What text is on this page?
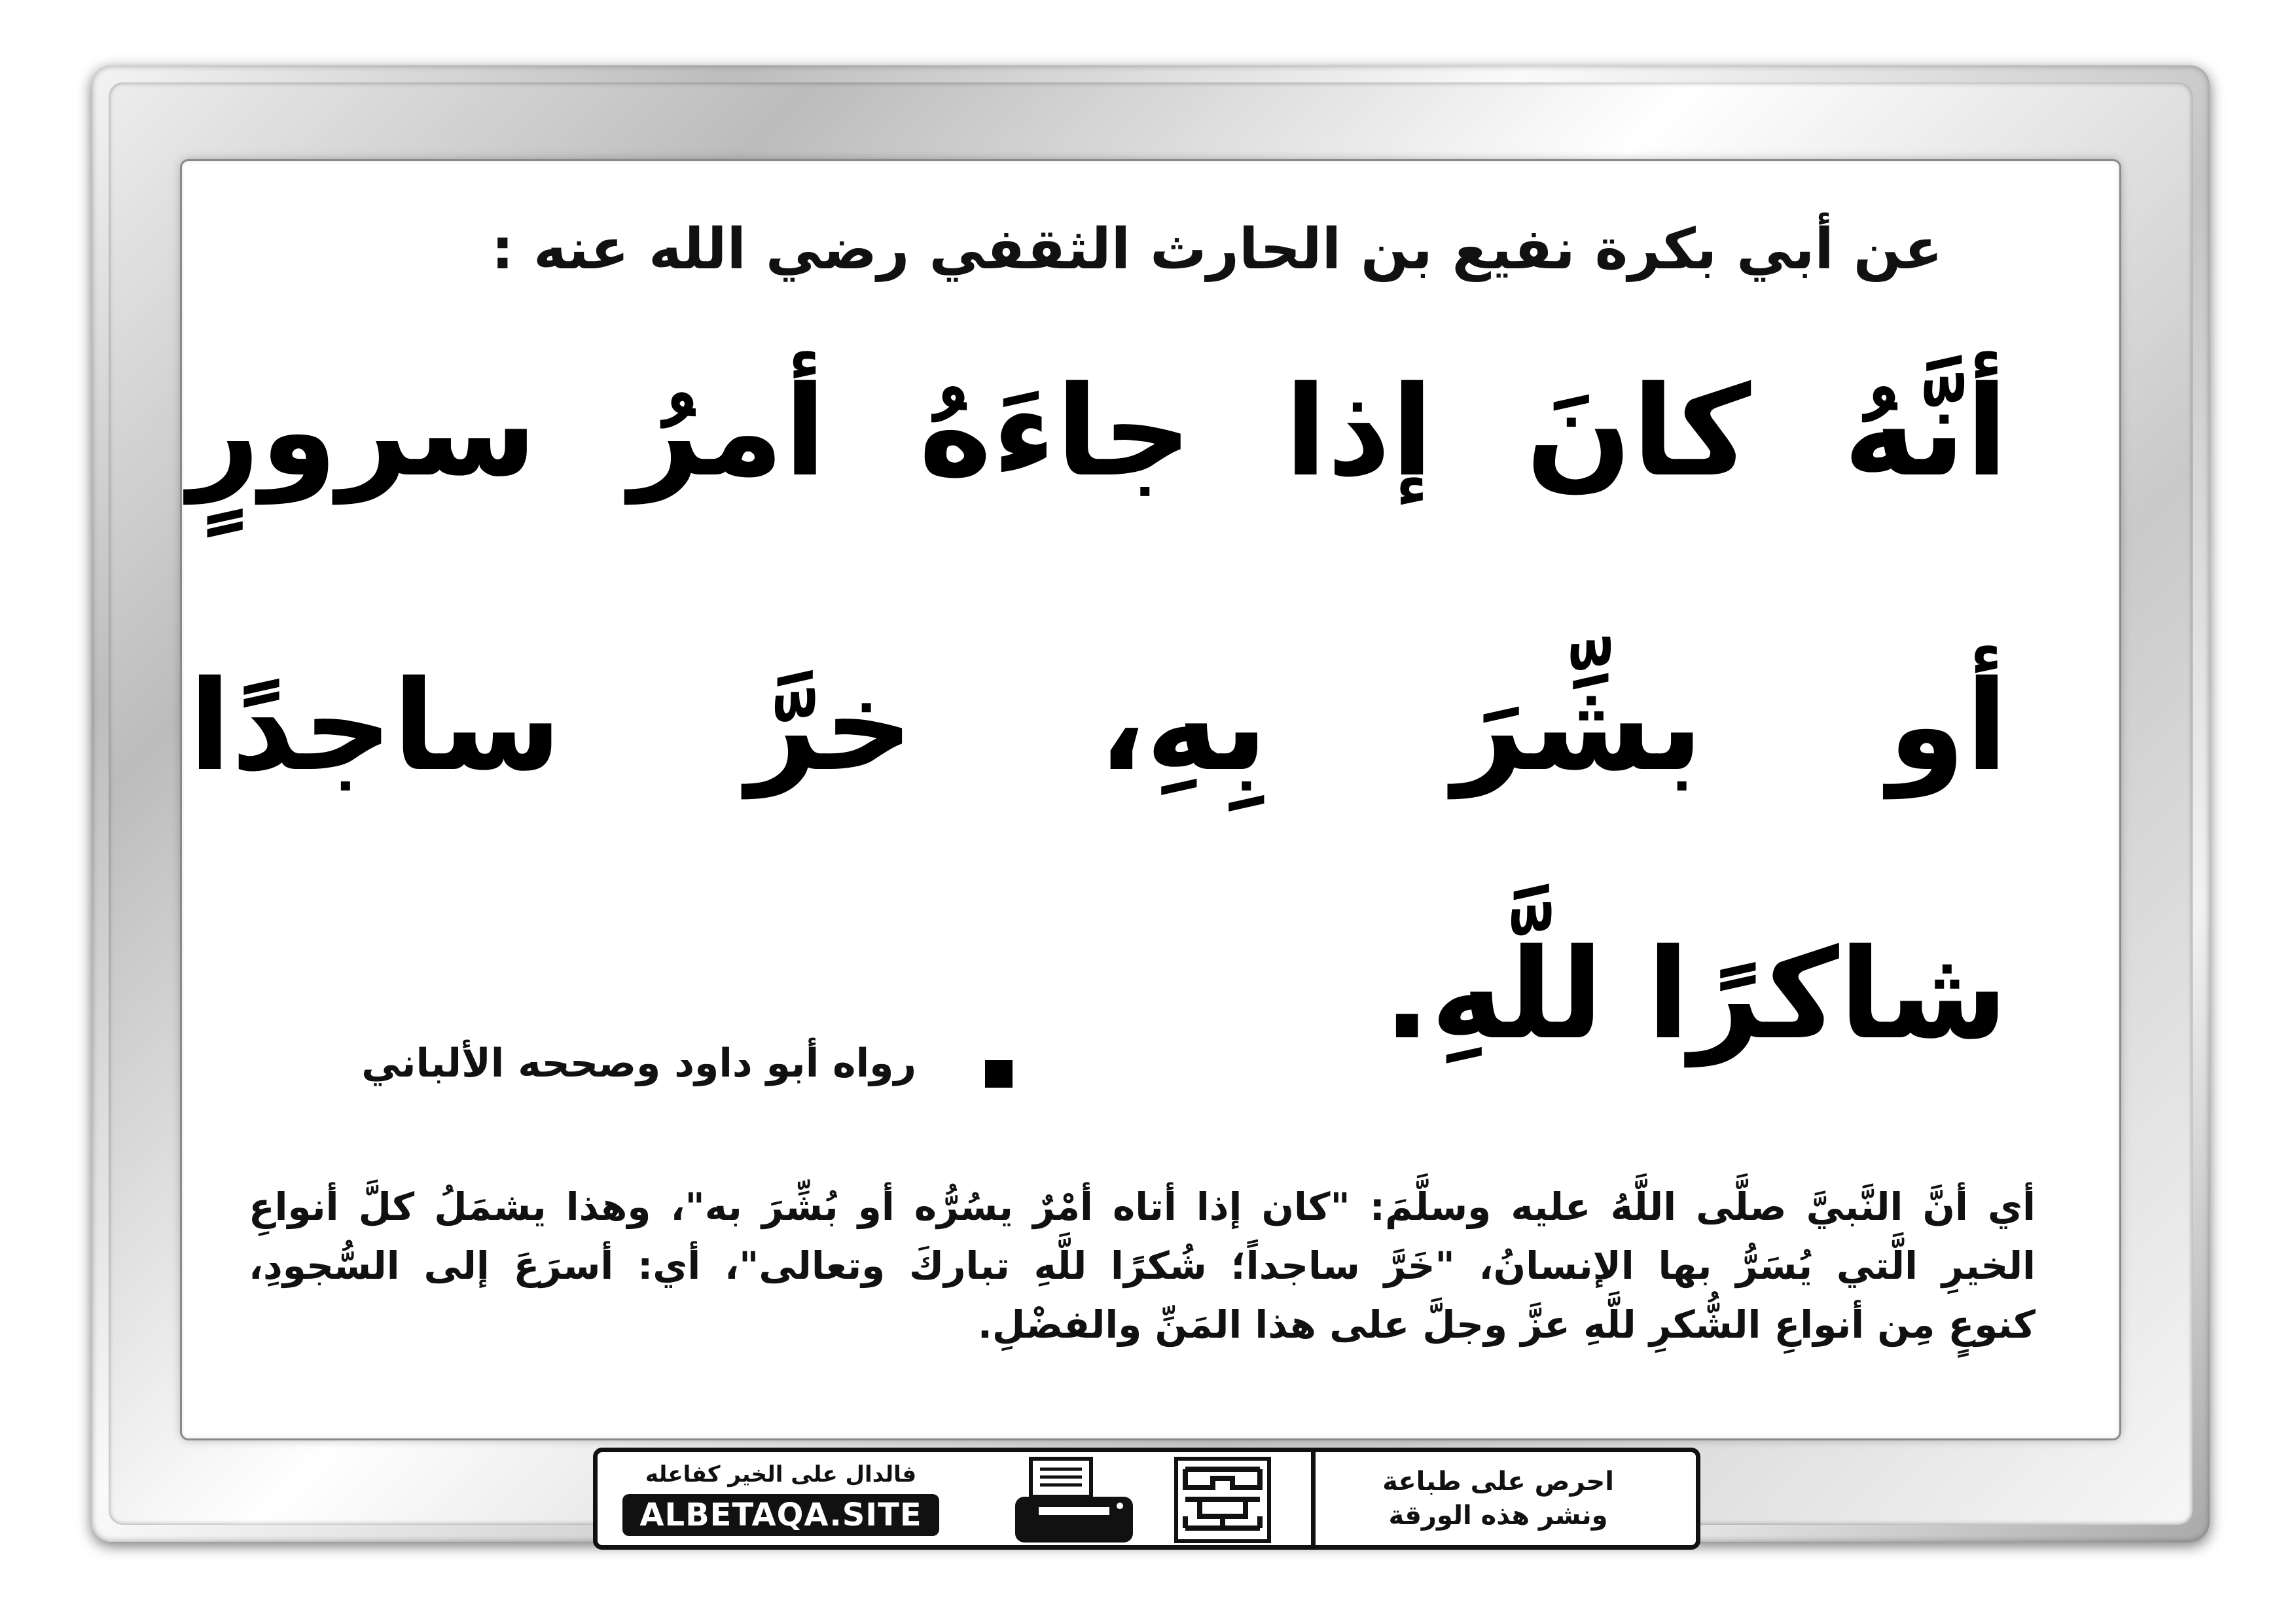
عن أبي بكرة نفيع بن الحارث الثقفي رضي الله عنه :
أنَّهُ كانَ إذا جاءَهُ أمرُ سرورٍ
أو بشِّرَ بِهِ، خرَّ ساجدًا
شاكرًا للَّهِ.
رواه أبو داود وصححه الألباني
أي أنَّ النَّبيَّ صلَّى اللَّهُ عليه وسلَّمَ: "كان إذا أتاه أمْرٌ يسُرُّه أو بُشِّرَ به"، وهذا يشمَلُ كلَّ أنواعِ
الخيرِ الَّتي يُسَرُّ بها الإنسانُ، "خَرَّ ساجداً؛ شُكرًا للَّهِ تباركَ وتعالى"، أي: أسرَعَ إلى السُّجودِ،
كنوعٍ مِن أنواعِ الشُّكرِ للَّهِ عزَّ وجلَّ على هذا المَنِّ والفضْلِ.
فالدال على الخير كفاعله
ALBETAQA.SITE
احرص على طباعة
ونشر هذه الورقة
